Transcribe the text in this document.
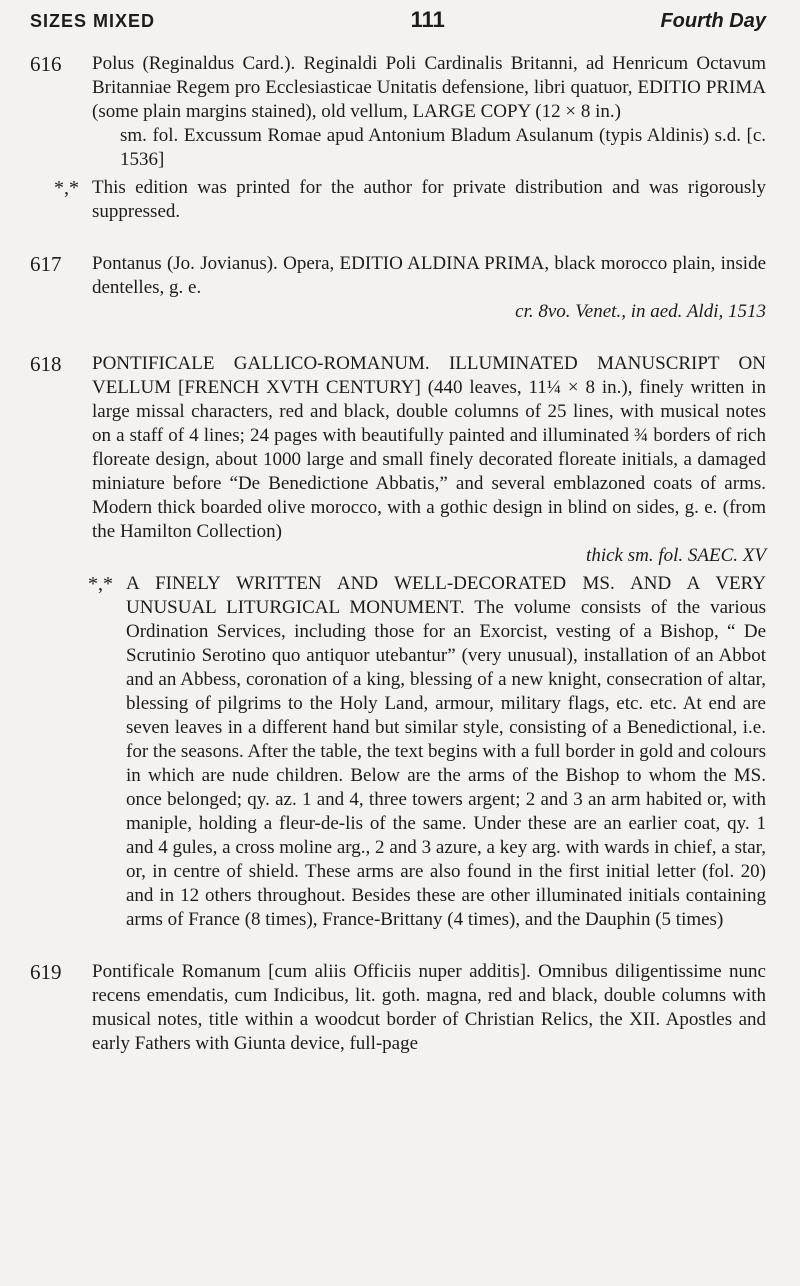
SIZES MIXED	111	Fourth Day
616 Polus (Reginaldus Card.). Reginaldi Poli Cardinalis Britanni, ad Henricum Octavum Britanniae Regem pro Ecclesiasticae Unitatis defensione, libri quatuor, EDITIO PRIMA (some plain margins stained), old vellum, LARGE COPY (12 × 8 in.)

sm. fol. Excussum Romae apud Antonium Bladum Asulanum (typis Aldinis) s.d. [c. 1536]

*,* This edition was printed for the author for private distribution and was rigorously suppressed.

617 Pontanus (Jo. Jovianus). Opera, EDITIO ALDINA PRIMA, black morocco plain, inside dentelles, g. e.

cr. 8vo. Venet., in aed. Aldi, 1513
618 PONTIFICALE GALLICO-ROMANUM. ILLUMINATED MANUSCRIPT ON VELLUM [FRENCH XVTH CENTURY] (440 leaves, 11¼ × 8 in.), finely written in large missal characters, red and black, double columns of 25 lines, with musical notes on a staff of 4 lines; 24 pages with beautifully painted and illuminated ¾ borders of rich floreate design, about 1000 large and small finely decorated floreate initials, a damaged miniature before “De Benedictione Abbatis,” and several emblazoned coats of arms. Modern thick boarded olive morocco, with a gothic design in blind on sides, g. e. (from the Hamilton Collection)

thick sm. fol. SAEC. XV
*,* A FINELY WRITTEN AND WELL-DECORATED MS. AND A VERY UNUSUAL LITURGICAL MONUMENT. The volume consists of the various Ordination Services, including those for an Exorcist, vesting of a Bishop, “ De Scrutinio Serotino quo antiquor utebantur” (very unusual), installation of an Abbot and an Abbess, coronation of a king, blessing of a new knight, consecration of altar, blessing of pilgrims to the Holy Land, armour, military flags, etc. etc. At end are seven leaves in a different hand but similar style, consisting of a Benedictional, i.e. for the seasons. After the table, the text begins with a full border in gold and colours in which are nude children. Below are the arms of the Bishop to whom the MS. once belonged; qy. az. 1 and 4, three towers argent; 2 and 3 an arm habited or, with maniple, holding a fleur-de-lis of the same. Under these are an earlier coat, qy. 1 and 4 gules, a cross moline arg., 2 and 3 azure, a key arg. with wards in chief, a star, or, in centre of shield. These arms are also found in the first initial letter (fol. 20) and in 12 others throughout. Besides these are other illuminated initials containing arms of France (8 times), France-Brittany (4 times), and the Dauphin (5 times)

619 Pontificale Romanum [cum aliis Officiis nuper additis]. Omnibus diligentissime nunc recens emendatis, cum Indicibus, lit. goth. magna, red and black, double columns with musical notes, title within a woodcut border of Christian Relics, the XII. Apostles and early Fathers with Giunta device, full-page
